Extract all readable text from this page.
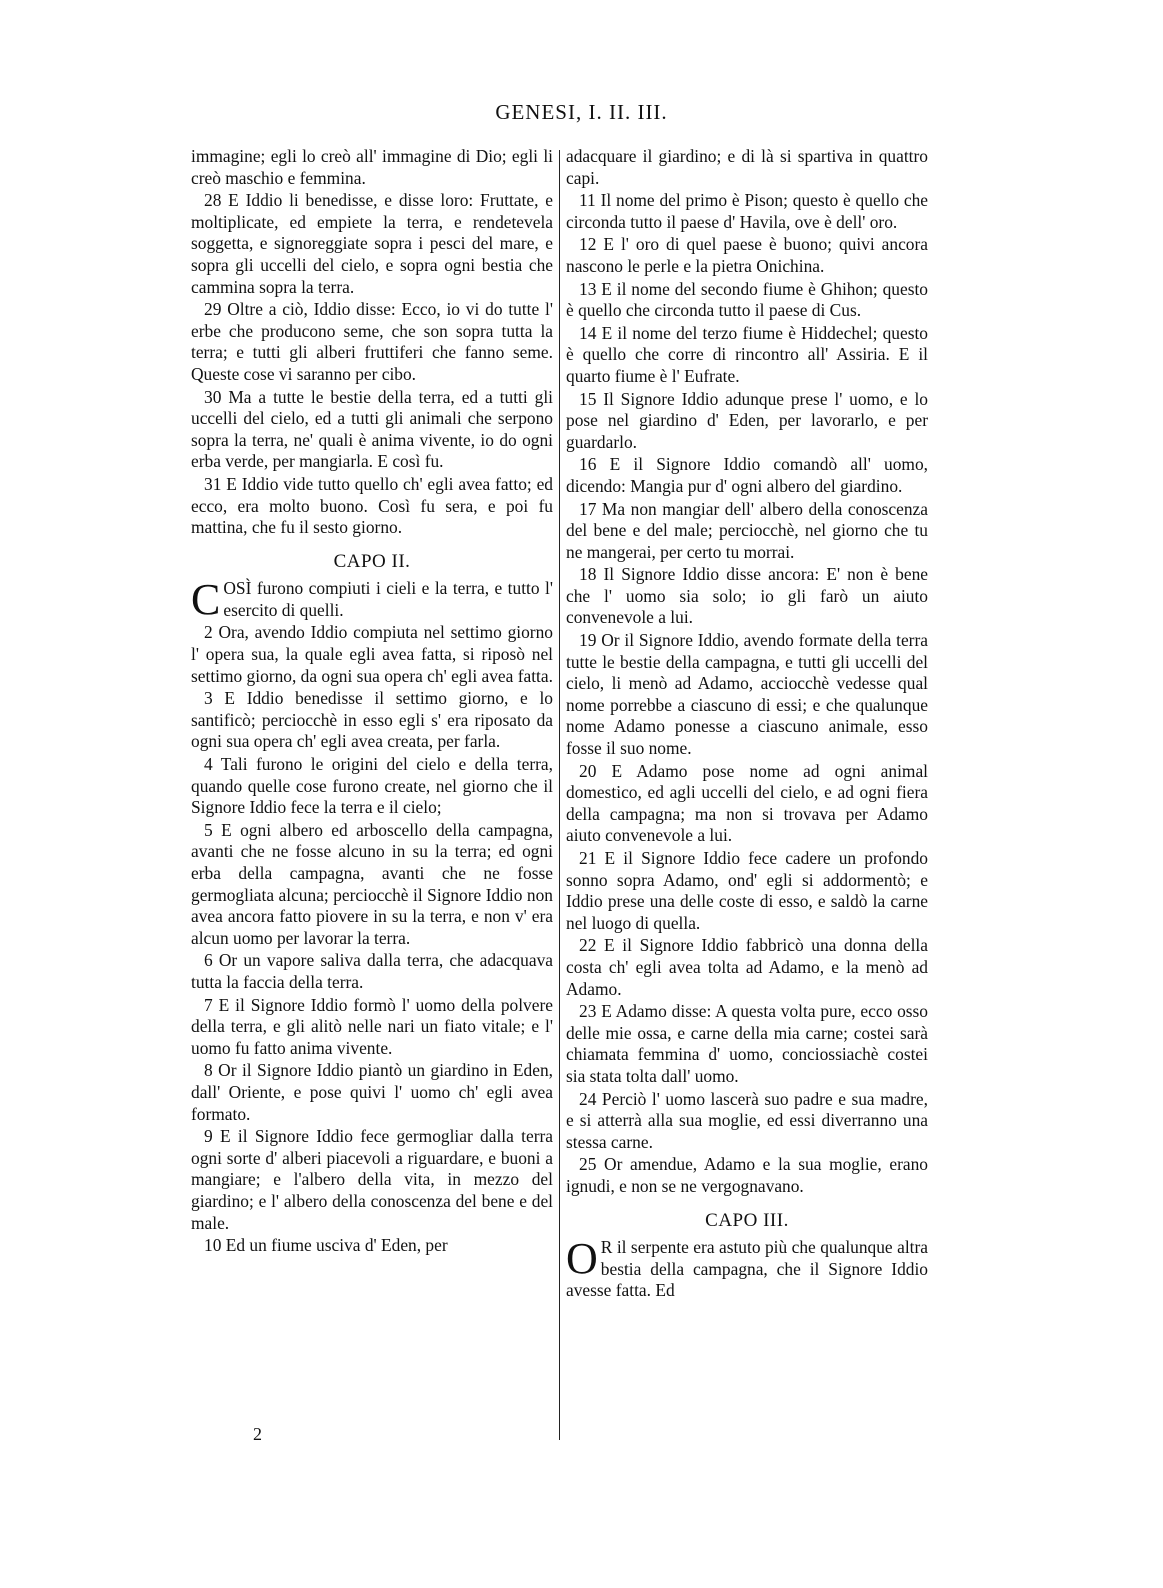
GENESI, I. II. III.

immagine; egli lo creò all' immagine di Dio; egli li creò maschio e femmina.

28 E Iddio li benedisse, e disse loro: Fruttate, e moltiplicate, ed empiete la terra, e rendetevela soggetta, e signoreggiate sopra i pesci del mare, e sopra gli uccelli del cielo, e sopra ogni bestia che cammina sopra la terra.

29 Oltre a ciò, Iddio disse: Ecco, io vi do tutte l' erbe che producono seme, che son sopra tutta la terra; e tutti gli alberi fruttiferi che fanno seme. Queste cose vi saranno per cibo.

30 Ma a tutte le bestie della terra, ed a tutti gli uccelli del cielo, ed a tutti gli animali che serpono sopra la terra, ne' quali è anima vivente, io do ogni erba verde, per mangiarla. E così fu.

31 E Iddio vide tutto quello ch' egli avea fatto; ed ecco, era molto buono. Così fu sera, e poi fu mattina, che fu il sesto giorno.

CAPO II.

COSÌ furono compiuti i cieli e la terra, e tutto l' esercito di quelli.

2 Ora, avendo Iddio compiuta nel settimo giorno l' opera sua, la quale egli avea fatta, si riposò nel settimo giorno, da ogni sua opera ch' egli avea fatta.

3 E Iddio benedisse il settimo giorno, e lo santificò; perciocchè in esso egli s' era riposato da ogni sua opera ch' egli avea creata, per farla.

4 Tali furono le origini del cielo e della terra, quando quelle cose furono create, nel giorno che il Signore Iddio fece la terra e il cielo;

5 E ogni albero ed arboscello della campagna, avanti che ne fosse alcuno in su la terra; ed ogni erba della campagna, avanti che ne fosse germogliata alcuna; perciocchè il Signore Iddio non avea ancora fatto piovere in su la terra, e non v' era alcun uomo per lavorar la terra.

6 Or un vapore saliva dalla terra, che adacquava tutta la faccia della terra.

7 E il Signore Iddio formò l' uomo della polvere della terra, e gli alitò nelle nari un fiato vitale; e l' uomo fu fatto anima vivente.

8 Or il Signore Iddio piantò un giardino in Eden, dall' Oriente, e pose quivi l' uomo ch' egli avea formato.

9 E il Signore Iddio fece germogliar dalla terra ogni sorte d' alberi piacevoli a riguardare, e buoni a mangiare; e l'albero della vita, in mezzo del giardino; e l' albero della conoscenza del bene e del male.

10 Ed un fiume usciva d' Eden, per

adacquare il giardino; e di là si spartiva in quattro capi.

11 Il nome del primo è Pison; questo è quello che circonda tutto il paese d' Havila, ove è dell' oro.

12 E l' oro di quel paese è buono; quivi ancora nascono le perle e la pietra Onichina.

13 E il nome del secondo fiume è Ghihon; questo è quello che circonda tutto il paese di Cus.

14 E il nome del terzo fiume è Hiddechel; questo è quello che corre di rincontro all' Assiria. E il quarto fiume è l' Eufrate.

15 Il Signore Iddio adunque prese l' uomo, e lo pose nel giardino d' Eden, per lavorarlo, e per guardarlo.

16 E il Signore Iddio comandò all' uomo, dicendo: Mangia pur d' ogni albero del giardino.

17 Ma non mangiar dell' albero della conoscenza del bene e del male; perciocchè, nel giorno che tu ne mangerai, per certo tu morrai.

18 Il Signore Iddio disse ancora: E' non è bene che l' uomo sia solo; io gli farò un aiuto convenevole a lui.

19 Or il Signore Iddio, avendo formate della terra tutte le bestie della campagna, e tutti gli uccelli del cielo, li menò ad Adamo, acciocchè vedesse qual nome porrebbe a ciascuno di essi; e che qualunque nome Adamo ponesse a ciascuno animale, esso fosse il suo nome.

20 E Adamo pose nome ad ogni animal domestico, ed agli uccelli del cielo, e ad ogni fiera della campagna; ma non si trovava per Adamo aiuto convenevole a lui.

21 E il Signore Iddio fece cadere un profondo sonno sopra Adamo, ond' egli si addormentò; e Iddio prese una delle coste di esso, e saldò la carne nel luogo di quella.

22 E il Signore Iddio fabbricò una donna della costa ch' egli avea tolta ad Adamo, e la menò ad Adamo.

23 E Adamo disse: A questa volta pure, ecco osso delle mie ossa, e carne della mia carne; costei sarà chiamata femmina d' uomo, conciossiachè costei sia stata tolta dall' uomo.

24 Perciò l' uomo lascerà suo padre e sua madre, e si atterrà alla sua moglie, ed essi diverranno una stessa carne.

25 Or amendue, Adamo e la sua moglie, erano ignudi, e non se ne vergognavano.

CAPO III.

O R il serpente era astuto più che qualunque altra bestia della campagna, che il Signore Iddio avesse fatta. Ed

2
